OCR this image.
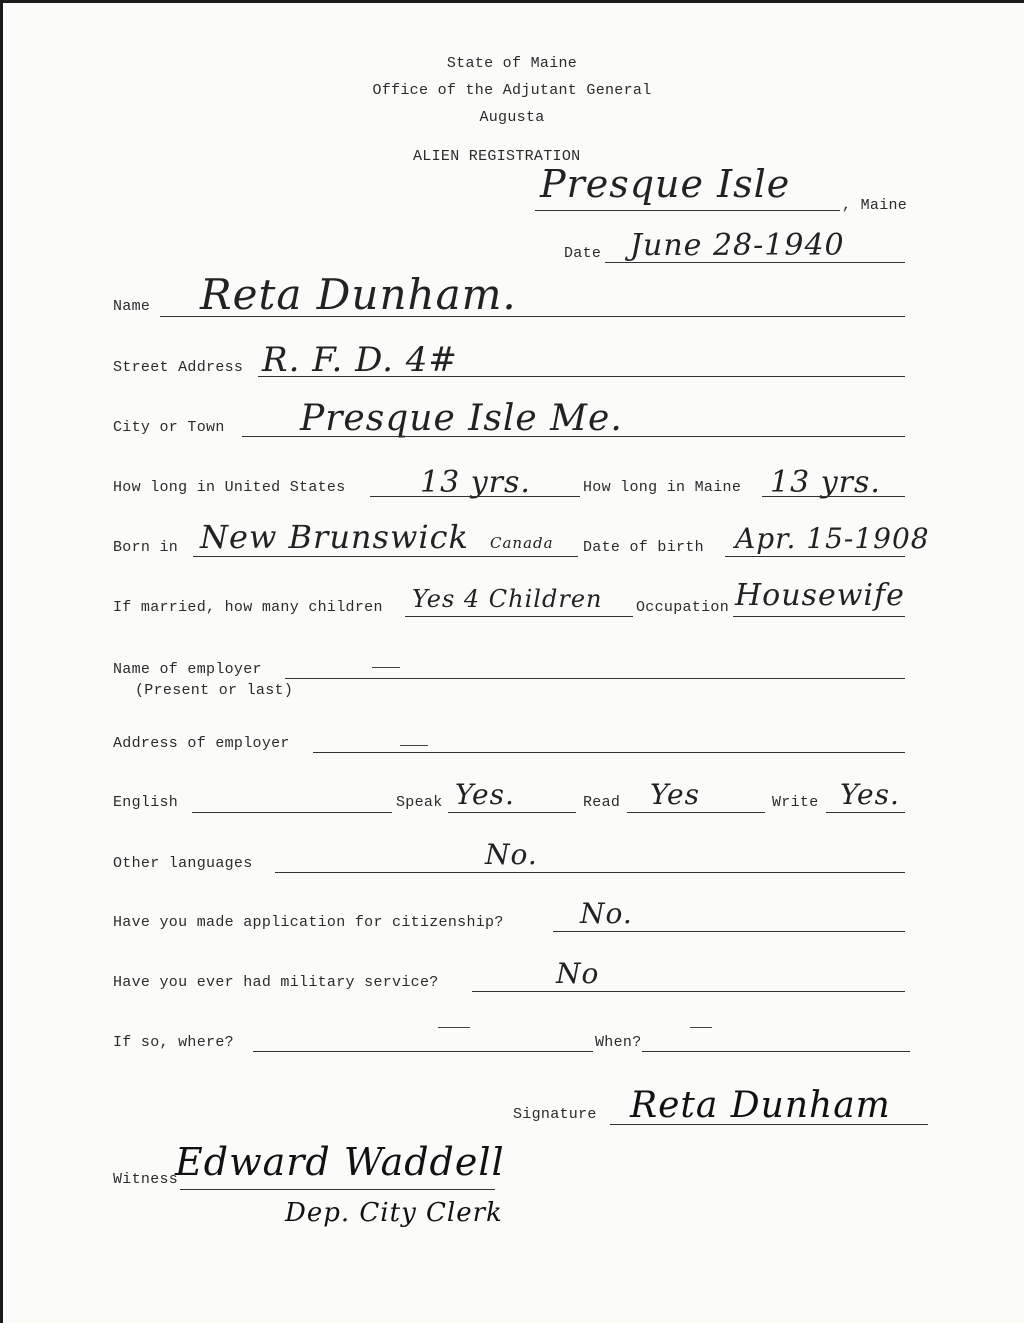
State of Maine
Office of the Adjutant General
Augusta
ALIEN REGISTRATION
Presque Isle	, Maine
Date June 28-1940
Name Reta Dunham.
Street Address R. F. D. 4#
City or Town Presque Isle Me.
How long in United States 13 yrs.	How long in Maine 13 yrs.
Born in New Brunswick Canada Date of birth Apr. 15-1908
If married, how many children Yes 4 Children Occupation Housewife
Name of employer
(Present or last)
Address of employer
English	Speak Yes.	Read Yes	Write Yes.
Other languages	No.
Have you made application for citizenship?	No.
Have you ever had military service?	No
If so, where?	When?
Signature Reta Dunham
Witness
Edward Waddell
Dep. City Clerk
